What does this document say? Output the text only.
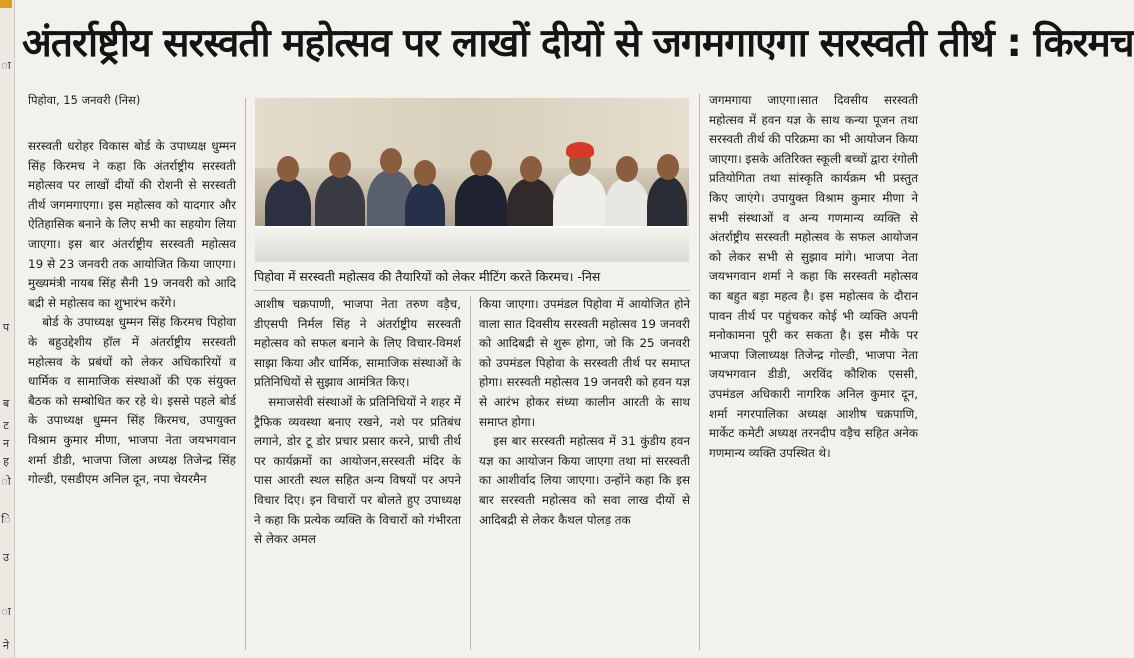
ा
प
ब
ट
न
ह
ो
ि
उ
ा
ने
अंतर्राष्ट्रीय सरस्वती महोत्सव पर लाखों दीयों से जगमगाएगा सरस्वती तीर्थ : किरमच
पिहोवा, 15 जनवरी (निस)

सरस्वती धरोहर विकास बोर्ड के उपाध्यक्ष धुम्मन सिंह किरमच ने कहा कि अंतर्राष्ट्रीय सरस्वती महोत्सव पर लाखों दीयों की रोशनी से सरस्वती तीर्थ जगमगाएगा। इस महोत्सव को यादगार और ऐतिहासिक बनाने के लिए सभी का सहयोग लिया जाएगा। इस बार अंतर्राष्ट्रीय सरस्वती महोत्सव 19 से 23 जनवरी तक आयोजित किया जाएगा। मुख्यमंत्री नायब सिंह सैनी 19 जनवरी को आदि बद्री से महोत्सव का शुभारंभ करेंगे।

बोर्ड के उपाध्यक्ष धुम्मन सिंह किरमच पिहोवा के बहुउद्देशीय हॉल में अंतर्राष्ट्रीय सरस्वती महोत्सव के प्रबंधों को लेकर अधिकारियों व धार्मिक व सामाजिक संस्थाओं की एक संयुक्त बैठक को सम्बोधित कर रहे थे। इससे पहले बोर्ड के उपाध्यक्ष धुम्मन सिंह किरमच, उपायुक्त विश्राम कुमार मीणा, भाजपा नेता जयभगवान शर्मा डीडी, भाजपा जिला अध्यक्ष तिजेन्द्र सिंह गोल्डी, एसडीएम अनिल दून, नपा चेयरमैन

पिहोवा में सरस्वती महोत्सव की तैयारियों को लेकर मीटिंग करते किरमच। -निस

आशीष चक्रपाणी, भाजपा नेता तरुण वड़ैच, डीएसपी निर्मल सिंह ने अंतर्राष्ट्रीय सरस्वती महोत्सव को सफल बनाने के लिए विचार-विमर्श साझा किया और धार्मिक, सामाजिक संस्थाओं के प्रतिनिधियों से सुझाव आमंत्रित किए।

समाजसेवी संस्थाओं के प्रतिनिधियों ने शहर में ट्रैफिक व्यवस्था बनाए रखने, नशे पर प्रतिबंध लगाने, डोर टू डोर प्रचार प्रसार करने, प्राची तीर्थ पर कार्यक्रमों का आयोजन,सरस्वती मंदिर के पास आरती स्थल सहित अन्य विषयों पर अपने विचार दिए। इन विचारों पर बोलते हुए उपाध्यक्ष ने कहा कि प्रत्येक व्यक्ति के विचारों को गंभीरता से लेकर अमल

किया जाएगा। उपमंडल पिहोवा में आयोजित होने वाला सात दिवसीय सरस्वती महोत्सव 19 जनवरी को आदिबद्री से शुरू होगा, जो कि 25 जनवरी को उपमंडल पिहोवा के सरस्वती तीर्थ पर समाप्त होगा। सरस्वती महोत्सव 19 जनवरी को हवन यज्ञ से आरंभ होकर संध्या कालीन आरती के साथ समाप्त होगा।

इस बार सरस्वती महोत्सव में 31 कुंडीय हवन यज्ञ का आयोजन किया जाएगा तथा मां सरस्वती का आशीर्वाद लिया जाएगा। उन्होंने कहा कि इस बार सरस्वती महोत्सव को सवा लाख दीयों से आदिबद्री से लेकर कैथल पोलड़ तक

जगमगाया जाएगा।सात दिवसीय सरस्वती महोत्सव में हवन यज्ञ के साथ कन्या पूजन तथा सरस्वती तीर्थ की परिक्रमा का भी आयोजन किया जाएगा। इसके अतिरिक्त स्कूली बच्चों द्वारा रंगोली प्रतियोगिता तथा सांस्कृति कार्यक्रम भी प्रस्तुत किए जाएंगे। उपायुक्त विश्राम कुमार मीणा ने सभी संस्थाओं व अन्य गणमान्य व्यक्ति से अंतर्राष्ट्रीय सरस्वती महोत्सव के सफल आयोजन को लेकर सभी से सुझाव मांगे। भाजपा नेता जयभगवान शर्मा ने कहा कि सरस्वती महोत्सव का बहुत बड़ा महत्व है। इस महोत्सव के दौरान पावन तीर्थ पर पहुंचकर कोई भी व्यक्ति अपनी मनोकामना पूरी कर सकता है। इस मौके पर भाजपा जिलाध्यक्ष तिजेन्द्र गोल्डी, भाजपा नेता जयभगवान डीडी, अरविंद कौशिक एससी, उपमंडल अधिकारी नागरिक अनिल कुमार दून, शर्मा नगरपालिका अध्यक्ष आशीष चक्रपाणि, मार्केट कमेटी अध्यक्ष तरनदीप वड़ैच सहित अनेक गणमान्य व्यक्ति उपस्थित थे।
